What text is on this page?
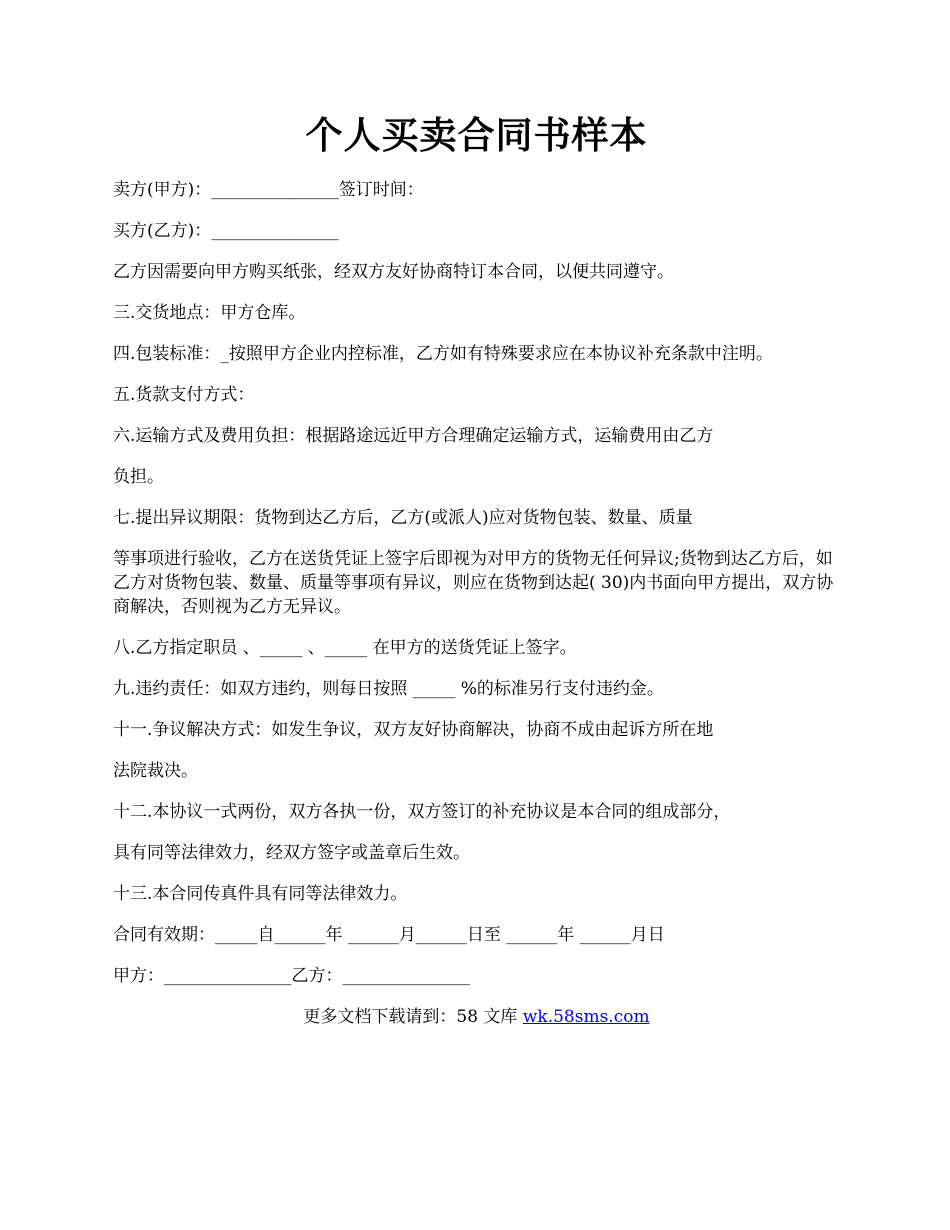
个人买卖合同书样本
卖方(甲方)：_______________签订时间：
买方(乙方)：_______________
乙方因需要向甲方购买纸张，经双方友好协商特订本合同，以便共同遵守。
三.交货地点：甲方仓库。
四.包装标准：_按照甲方企业内控标准，乙方如有特殊要求应在本协议补充条款中注明。
五.货款支付方式：
六.运输方式及费用负担：根据路途远近甲方合理确定运输方式，运输费用由乙方
负担。
七.提出异议期限：货物到达乙方后，乙方(或派人)应对货物包装、数量、质量
等事项进行验收，乙方在送货凭证上签字后即视为对甲方的货物无任何异议;货物到达乙方后，如乙方对货物包装、数量、质量等事项有异议，则应在货物到达起( 30)内书面向甲方提出，双方协商解决，否则视为乙方无异议。
八.乙方指定职员 、_____ 、_____ 在甲方的送货凭证上签字。
九.违约责任：如双方违约，则每日按照 _____ %的标准另行支付违约金。
十一.争议解决方式：如发生争议，双方友好协商解决，协商不成由起诉方所在地
法院裁决。
十二.本协议一式两份，双方各执一份，双方签订的补充协议是本合同的组成部分，
具有同等法律效力，经双方签字或盖章后生效。
十三.本合同传真件具有同等法律效力。
合同有效期：_____自______年 ______月______日至 ______年 ______月日
甲方：_______________乙方：_______________
更多文档下载请到：58 文库 wk.58sms.com
